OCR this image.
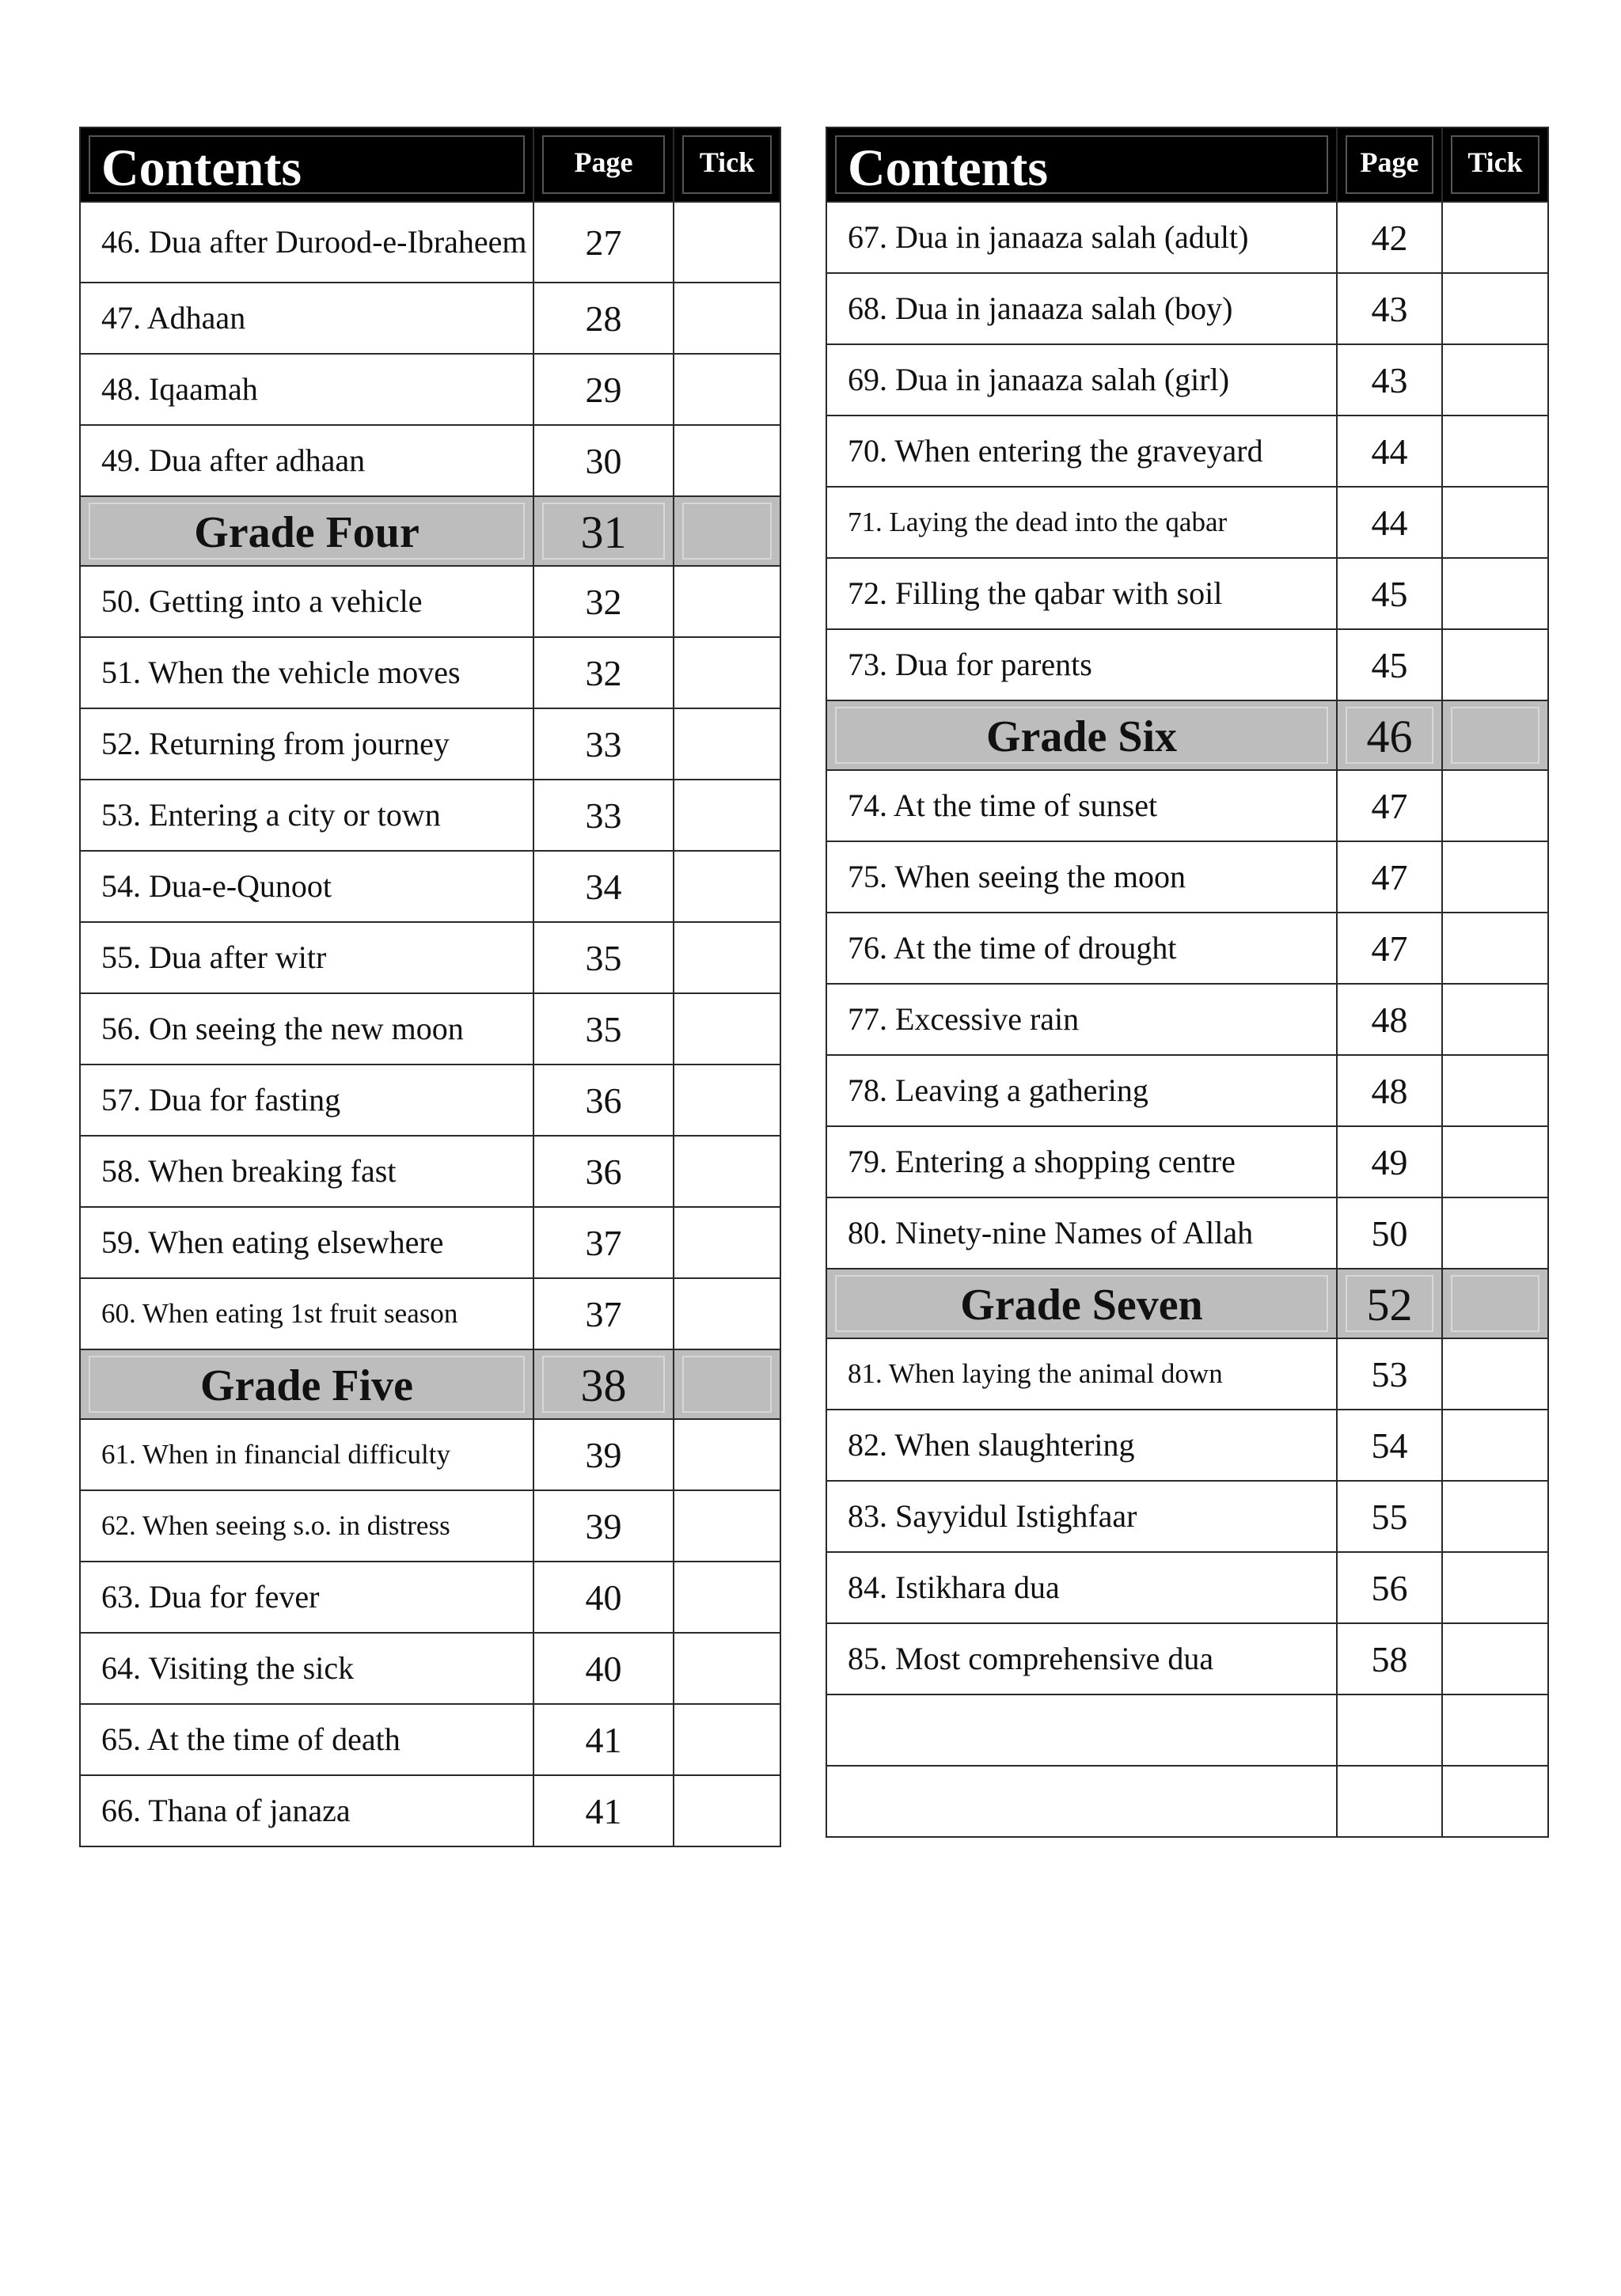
Contents	Page	Tick

46. Dua after Durood-e-Ibraheem	27	
47. Adhaan	28	
48. Iqaamah	29	
49. Dua after adhaan	30	

Grade Four	31	

50. Getting into a vehicle	32	
51. When the vehicle moves	32	
52. Returning from journey	33	
53. Entering a city or town	33	
54. Dua-e-Qunoot	34	
55. Dua after witr	35	
56. On seeing the new moon	35	
57. Dua for fasting	36	
58. When breaking fast	36	
59. When eating elsewhere	37	
60. When eating 1st fruit season	37	

Grade Five	38	

61. When in financial difficulty	39	
62. When seeing s.o. in distress	39	
63. Dua for fever	40	
64. Visiting the sick	40	
65. At the time of death	41	
66. Thana of janaza	41	
Contents	Page	Tick

67. Dua in janaaza salah (adult)	42	
68. Dua in janaaza salah (boy)	43	
69. Dua in janaaza salah (girl)	43	
70. When entering the graveyard	44	
71. Laying the dead into the qabar	44	
72. Filling the qabar with soil	45	
73. Dua for parents	45	

Grade Six	46	

74. At the time of sunset	47	
75. When seeing the moon	47	
76. At the time of drought	47	
77. Excessive rain	48	
78. Leaving a gathering	48	
79. Entering a shopping centre	49	
80. Ninety-nine Names of Allah	50	

Grade Seven	52	

81. When laying the animal down	53	
82. When slaughtering	54	
83. Sayyidul Istighfaar	55	
84. Istikhara dua	56	
85. Most comprehensive dua	58	
